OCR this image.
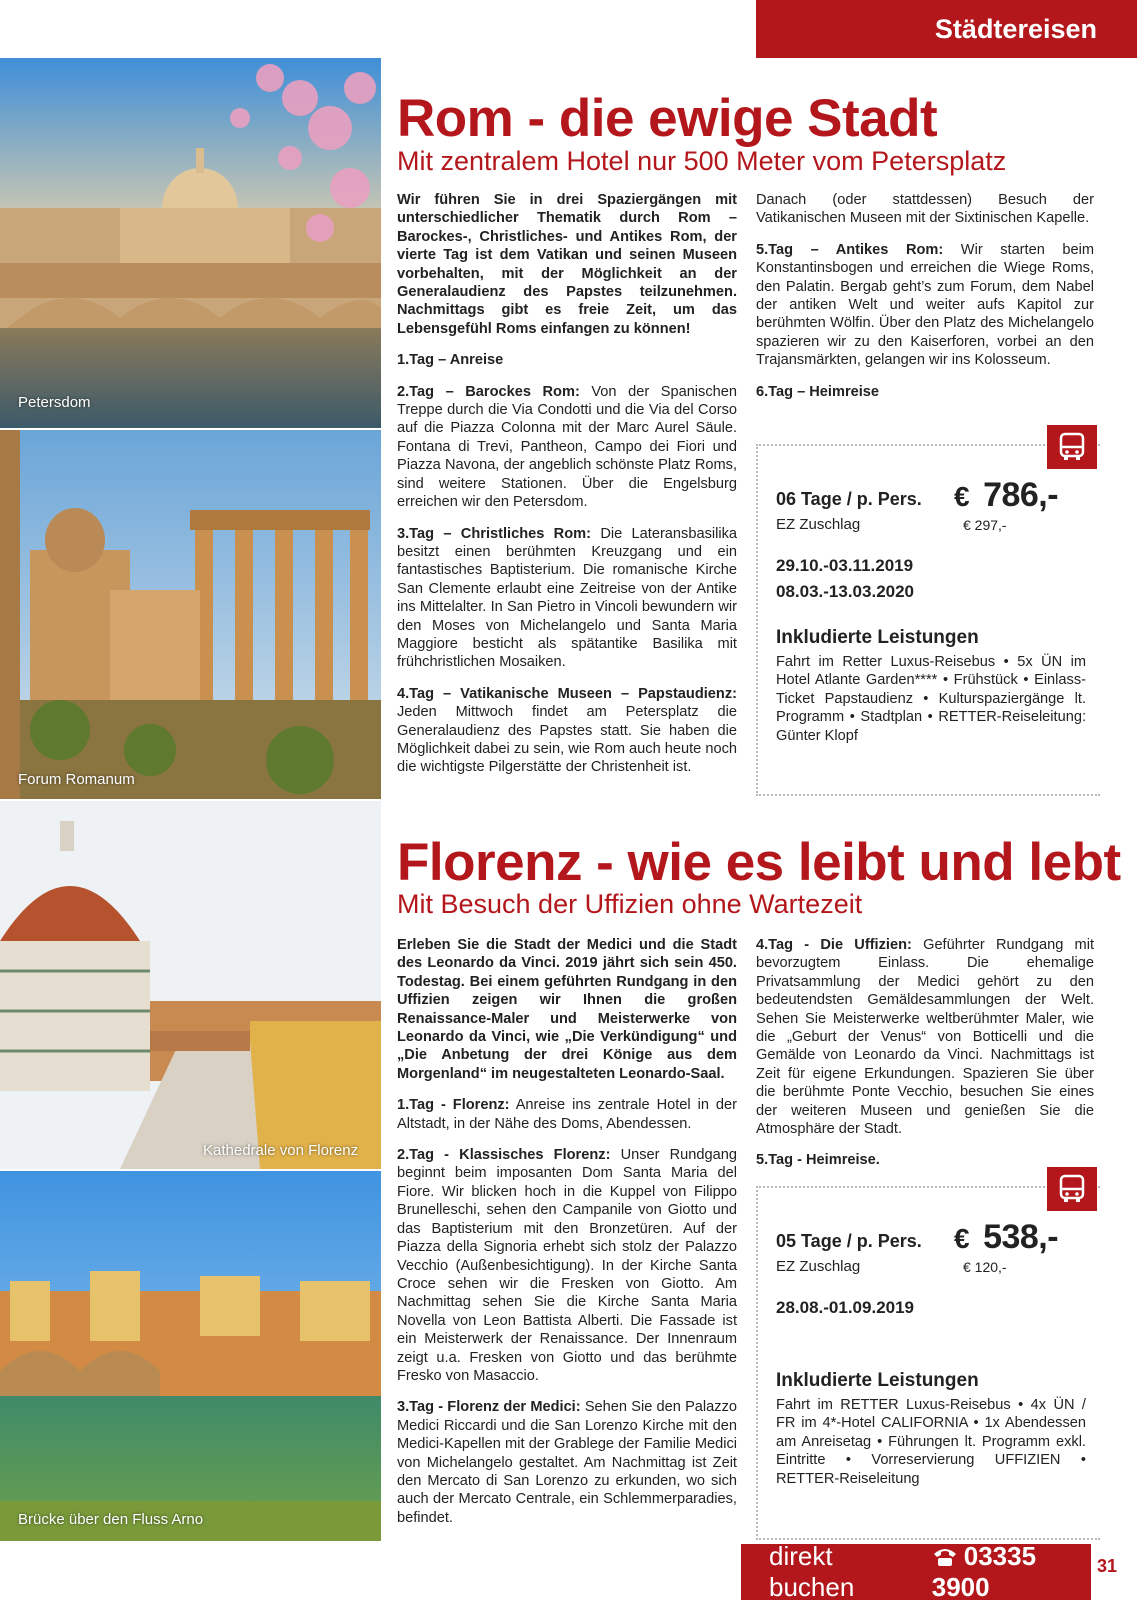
Städtereisen
Petersdom
Forum Romanum
Kathedrale von Florenz
Brücke über den Fluss Arno
Rom - die ewige Stadt
Mit zentralem Hotel nur 500 Meter vom Petersplatz

Wir führen Sie in drei Spaziergängen mit unterschiedlicher Thematik durch Rom – Barockes-, Christliches- und Antikes Rom, der vierte Tag ist dem Vatikan und seinen Museen vorbehalten, mit der Möglichkeit an der Generalaudienz des Papstes teilzunehmen. Nachmittags gibt es freie Zeit, um das Lebensgefühl Roms einfangen zu können!

1.Tag – Anreise

2.Tag – Barockes Rom: Von der Spanischen Treppe durch die Via Condotti und die Via del Corso auf die Piazza Colonna mit der Marc Aurel Säule. Fontana di Trevi, Pantheon, Campo dei Fiori und Piazza Navona, der angeblich schönste Platz Roms, sind weitere Stationen. Über die Engelsburg erreichen wir den Petersdom.

3.Tag – Christliches Rom: Die Lateransbasilika besitzt einen berühmten Kreuzgang und ein fantastisches Baptisterium. Die romanische Kirche San Clemente erlaubt eine Zeitreise von der Antike ins Mittelalter. In San Pietro in Vincoli bewundern wir den Moses von Michelangelo und Santa Maria Maggiore besticht als spätantike Basilika mit frühchristlichen Mosaiken.

4.Tag – Vatikanische Museen – Papstaudienz: Jeden Mittwoch findet am Petersplatz die Generalaudienz des Papstes statt. Sie haben die Möglichkeit dabei zu sein, wie Rom auch heute noch die wichtigste Pilgerstätte der Christenheit ist.

Danach (oder stattdessen) Besuch der Vatikanischen Museen mit der Sixtinischen Kapelle.

5.Tag – Antikes Rom: Wir starten beim Konstantinsbogen und erreichen die Wiege Roms, den Palatin. Bergab geht’s zum Forum, dem Nabel der antiken Welt und weiter aufs Kapitol zur berühmten Wölfin. Über den Platz des Michelangelo spazieren wir zu den Kaiserforen, vorbei an den Trajansmärkten, gelangen wir ins Kolosseum.

6.Tag – Heimreise

06 Tage / p. Pers. € 786,-
EZ Zuschlag	€ 297,-
29.10.-03.11.2019
08.03.-13.03.2020
Inkludierte Leistungen
Fahrt im Retter Luxus-Reisebus • 5x ÜN im Hotel Atlante Garden**** • Frühstück • Einlass-Ticket Papstaudienz • Kulturspaziergänge lt. Programm • Stadtplan • RETTER-Reiseleitung: Günter Klopf
Florenz - wie es leibt und lebt
Mit Besuch der Uffizien ohne Wartezeit

Erleben Sie die Stadt der Medici und die Stadt des Leonardo da Vinci. 2019 jährt sich sein 450. Todestag. Bei einem geführten Rundgang in den Uffizien zeigen wir Ihnen die großen Renaissance-Maler und Meisterwerke von Leonardo da Vinci, wie „Die Verkündigung“ und „Die Anbetung der drei Könige aus dem Morgenland“ im neugestalteten Leonardo-Saal.

1.Tag - Florenz: Anreise ins zentrale Hotel in der Altstadt, in der Nähe des Doms, Abendessen.

2.Tag - Klassisches Florenz: Unser Rundgang beginnt beim imposanten Dom Santa Maria del Fiore. Wir blicken hoch in die Kuppel von Filippo Brunelleschi, sehen den Campanile von Giotto und das Baptisterium mit den Bronzetüren. Auf der Piazza della Signoria erhebt sich stolz der Palazzo Vecchio (Außenbesichtigung). In der Kirche Santa Croce sehen wir die Fresken von Giotto. Am Nachmittag sehen Sie die Kirche Santa Maria Novella von Leon Battista Alberti. Die Fassade ist ein Meisterwerk der Renaissance. Der Innenraum zeigt u.a. Fresken von Giotto und das berühmte Fresko von Masaccio.

3.Tag - Florenz der Medici: Sehen Sie den Palazzo Medici Riccardi und die San Lorenzo Kirche mit den Medici-Kapellen mit der Grablege der Familie Medici von Michelangelo gestaltet. Am Nachmittag ist Zeit den Mercato di San Lorenzo zu erkunden, wo sich auch der Mercato Centrale, ein Schlemmerparadies, befindet.

4.Tag - Die Uffizien: Geführter Rundgang mit bevorzugtem Einlass. Die ehemalige Privatsammlung der Medici gehört zu den bedeutendsten Gemäldesammlungen der Welt. Sehen Sie Meisterwerke weltberühmter Maler, wie die „Geburt der Venus“ von Botticelli und die Gemälde von Leonardo da Vinci. Nachmittags ist Zeit für eigene Erkundungen. Spazieren Sie über die berühmte Ponte Vecchio, besuchen Sie eines der weiteren Museen und genießen Sie die Atmosphäre der Stadt.

5.Tag - Heimreise.

05 Tage / p. Pers. € 538,-
EZ Zuschlag	€ 120,-
28.08.-01.09.2019
Inkludierte Leistungen
Fahrt im RETTER Luxus-Reisebus • 4x ÜN / FR im 4*-Hotel CALIFORNIA • 1x Abendessen am Anreisetag • Führungen lt. Programm exkl. Eintritte • Vorreservierung UFFIZIEN • RETTER-Reiseleitung
direkt buchen
03335 3900
31
